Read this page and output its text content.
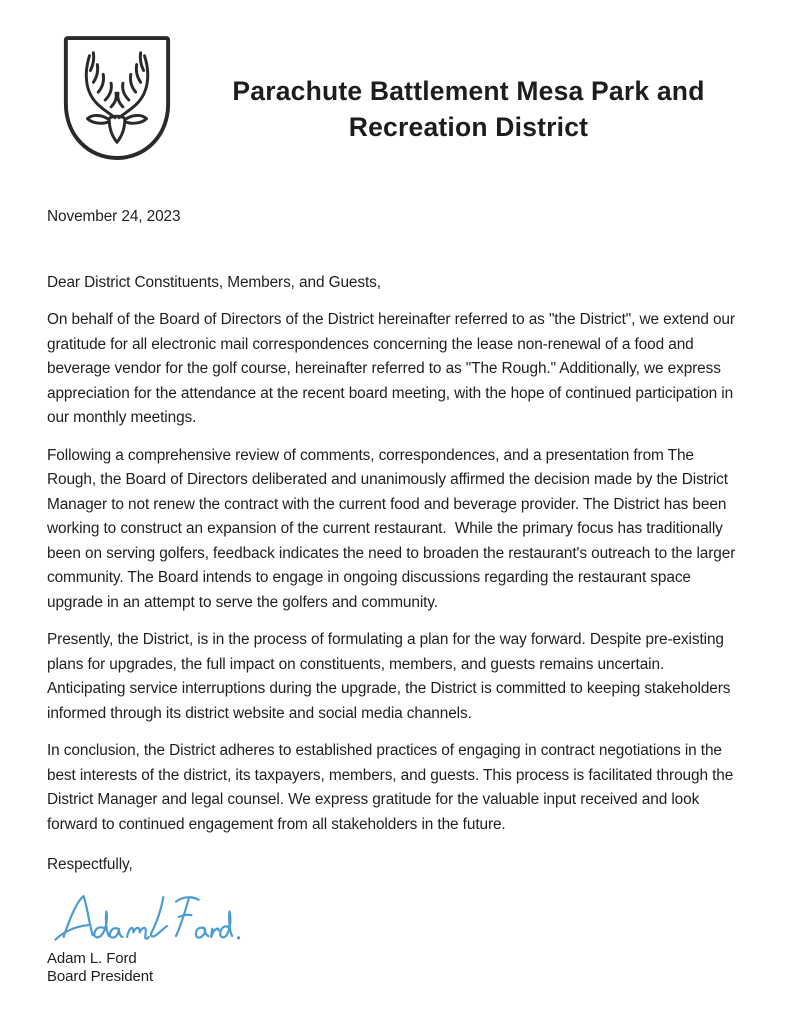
Parachute Battlement Mesa Park and Recreation District

November 24, 2023

Dear District Constituents, Members, and Guests,

On behalf of the Board of Directors of the District hereinafter referred to as "the District", we extend our gratitude for all electronic mail correspondences concerning the lease non-renewal of a food and beverage vendor for the golf course, hereinafter referred to as "The Rough." Additionally, we express appreciation for the attendance at the recent board meeting, with the hope of continued participation in our monthly meetings.

Following a comprehensive review of comments, correspondences, and a presentation from The Rough, the Board of Directors deliberated and unanimously affirmed the decision made by the District Manager to not renew the contract with the current food and beverage provider. The District has been working to construct an expansion of the current restaurant.  While the primary focus has traditionally been on serving golfers, feedback indicates the need to broaden the restaurant's outreach to the larger community. The Board intends to engage in ongoing discussions regarding the restaurant space upgrade in an attempt to serve the golfers and community.

Presently, the District, is in the process of formulating a plan for the way forward. Despite pre-existing plans for upgrades, the full impact on constituents, members, and guests remains uncertain. Anticipating service interruptions during the upgrade, the District is committed to keeping stakeholders informed through its district website and social media channels.

In conclusion, the District adheres to established practices of engaging in contract negotiations in the best interests of the district, its taxpayers, members, and guests. This process is facilitated through the District Manager and legal counsel. We express gratitude for the valuable input received and look forward to continued engagement from all stakeholders in the future.

Respectfully,

Adam L. Ford
Board President
